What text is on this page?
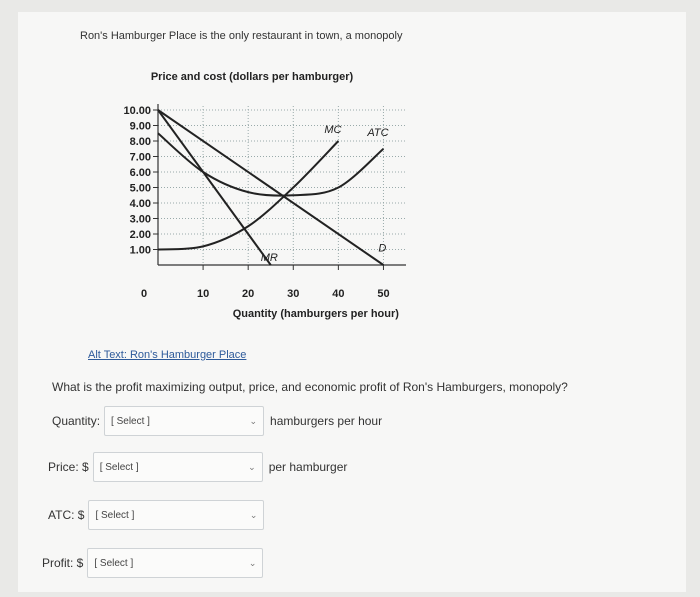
Ron's Hamburger Place is the only restaurant in town, a monopoly
Price and cost (dollars per hamburger)
1.00
2.00
3.00
4.00
5.00
6.00
7.00
8.00
9.00
10.00
10	20	30	40	50
0
Quantity (hamburgers per hour)
D
MR
MC ATC
Alt Text: Ron's Hamburger Place
What is the profit maximizing output, price, and economic profit of Ron's Hamburgers, monopoly?
Quantity: [ Select ]	⌄ hamburgers per hour
Price: $ [ Select ]	⌄ per hamburger
ATC: $ [ Select ]	⌄
Profit: $ [ Select ]	⌄
